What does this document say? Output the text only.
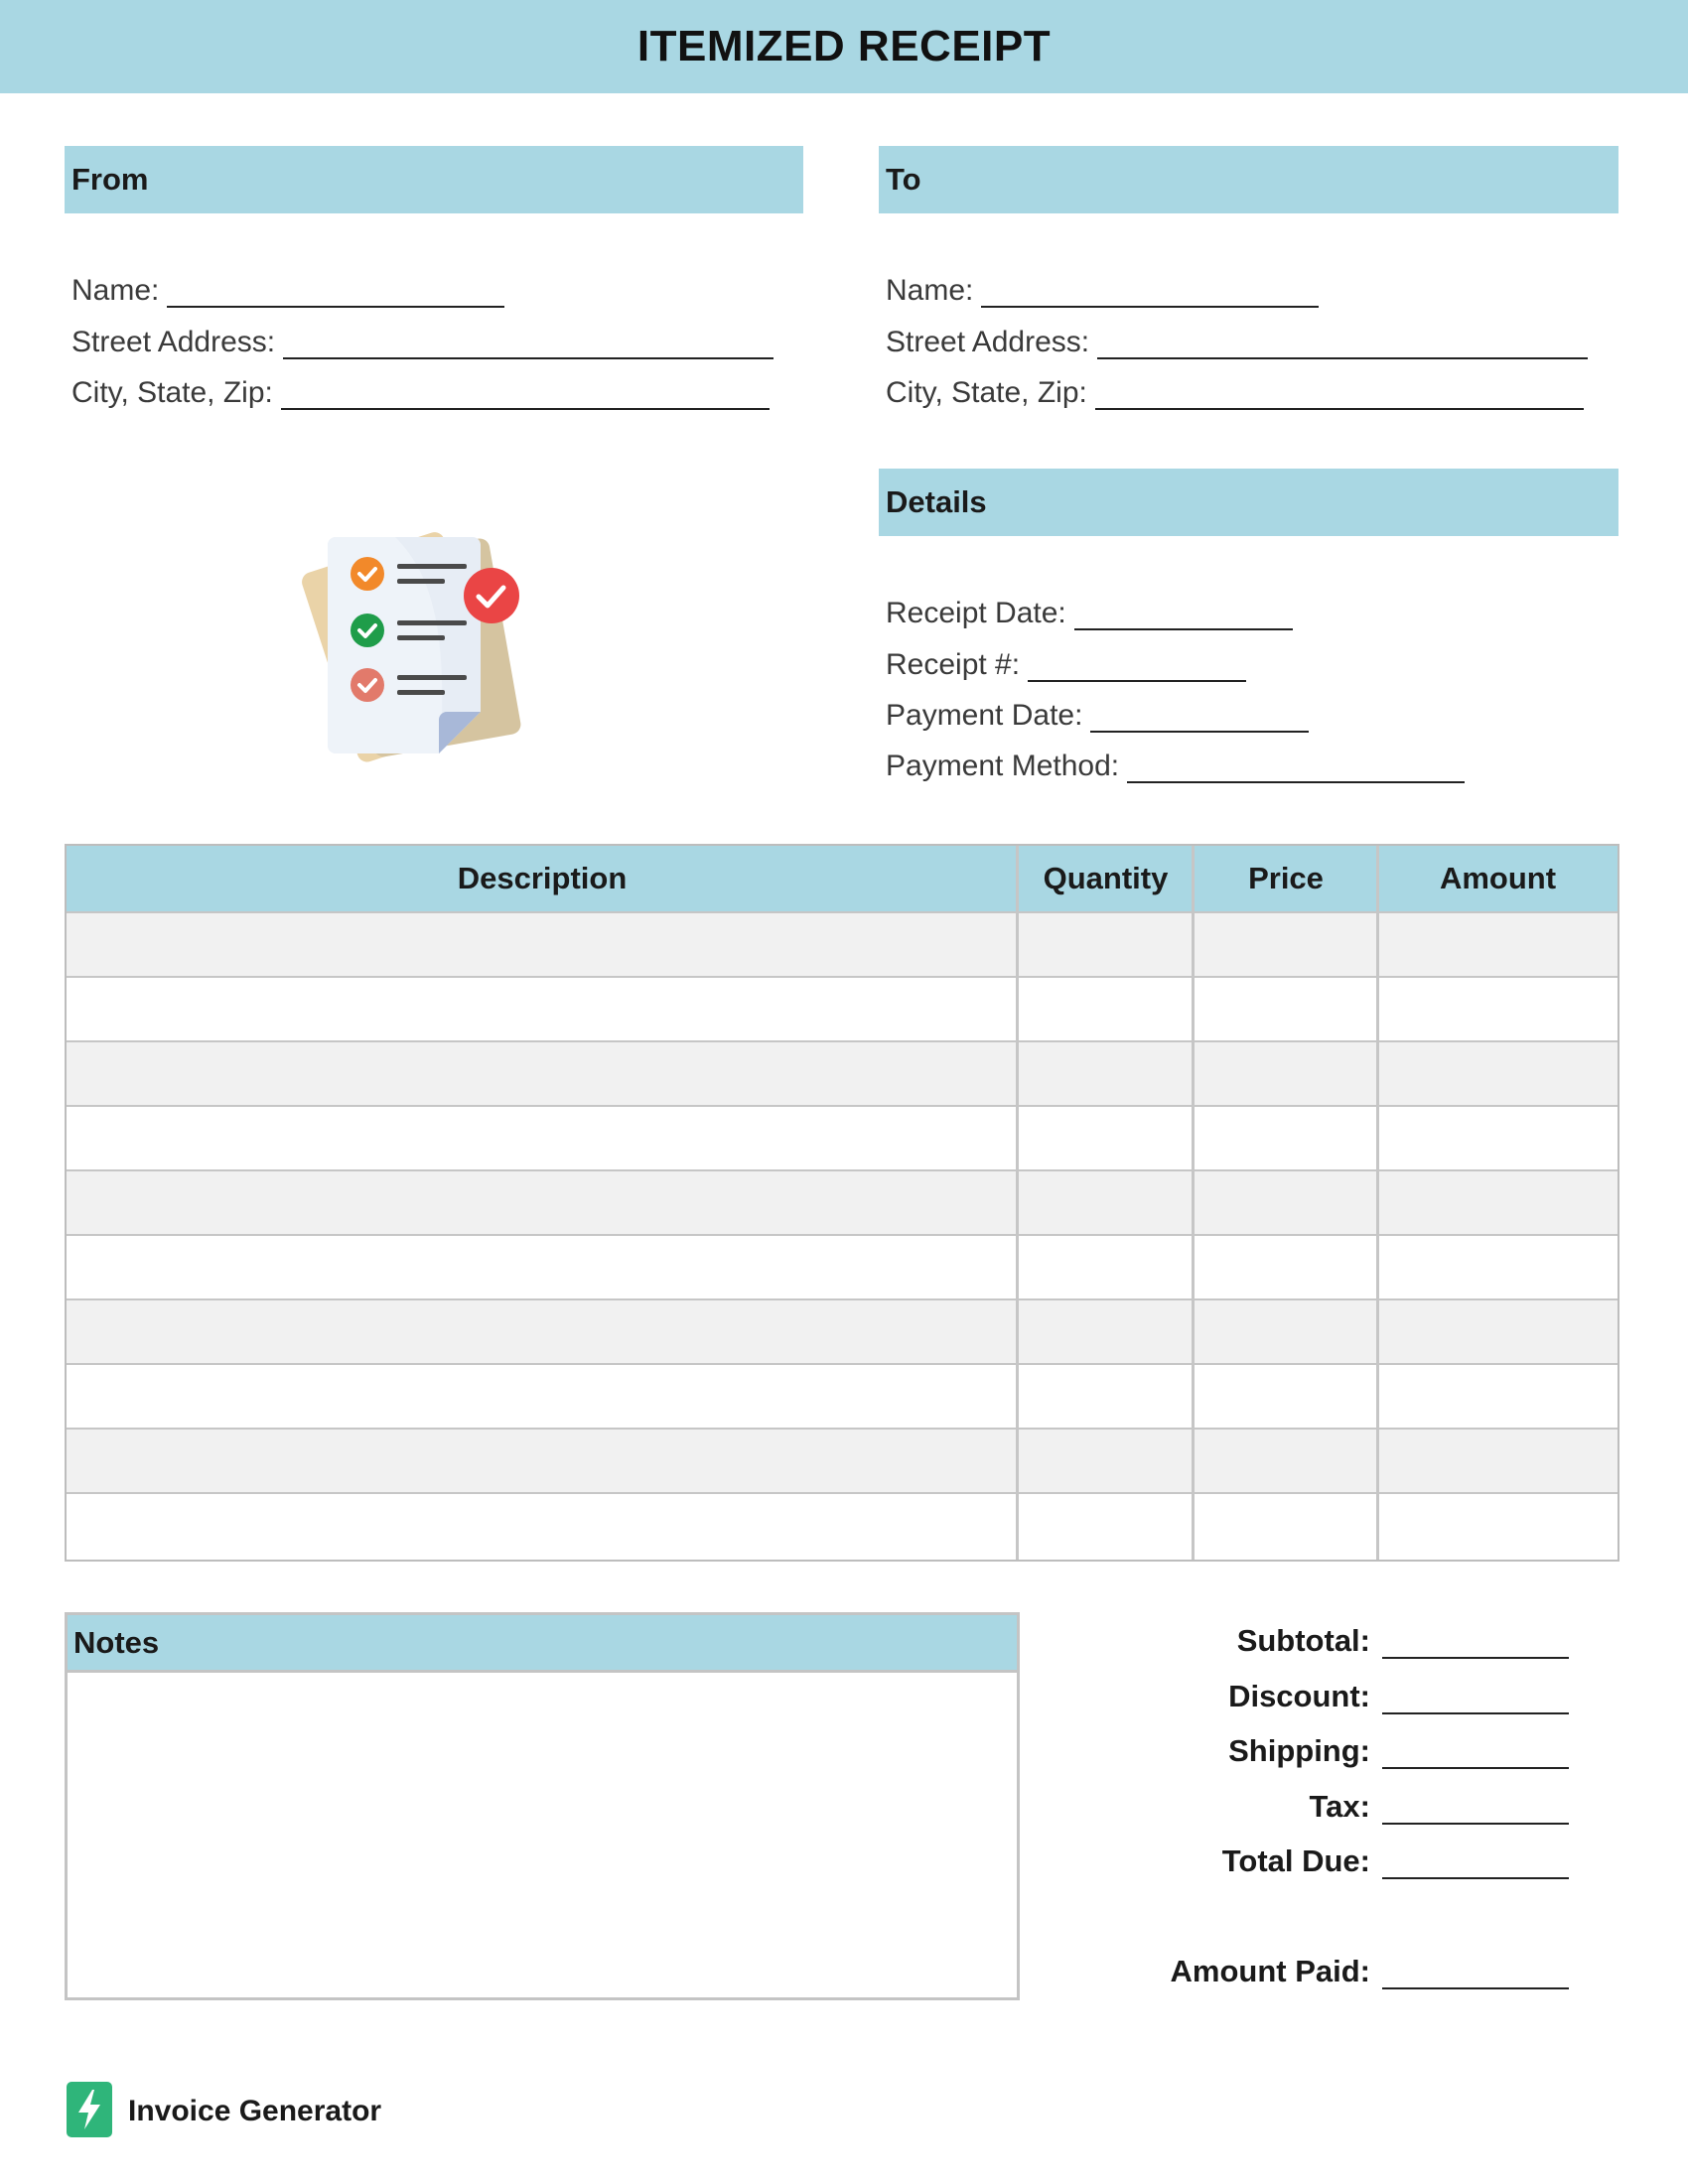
ITEMIZED RECEIPT
From
Name:
Street Address:
City, State, Zip:
To
Name:
Street Address:
City, State, Zip:
Details
Receipt Date:
Receipt #:
Payment Date:
Payment Method:
Description	Quantity	Price	Amount
Notes	Subtotal:
Discount:
Shipping:
Tax:
Total Due:
Amount Paid:
Invoice Generator
